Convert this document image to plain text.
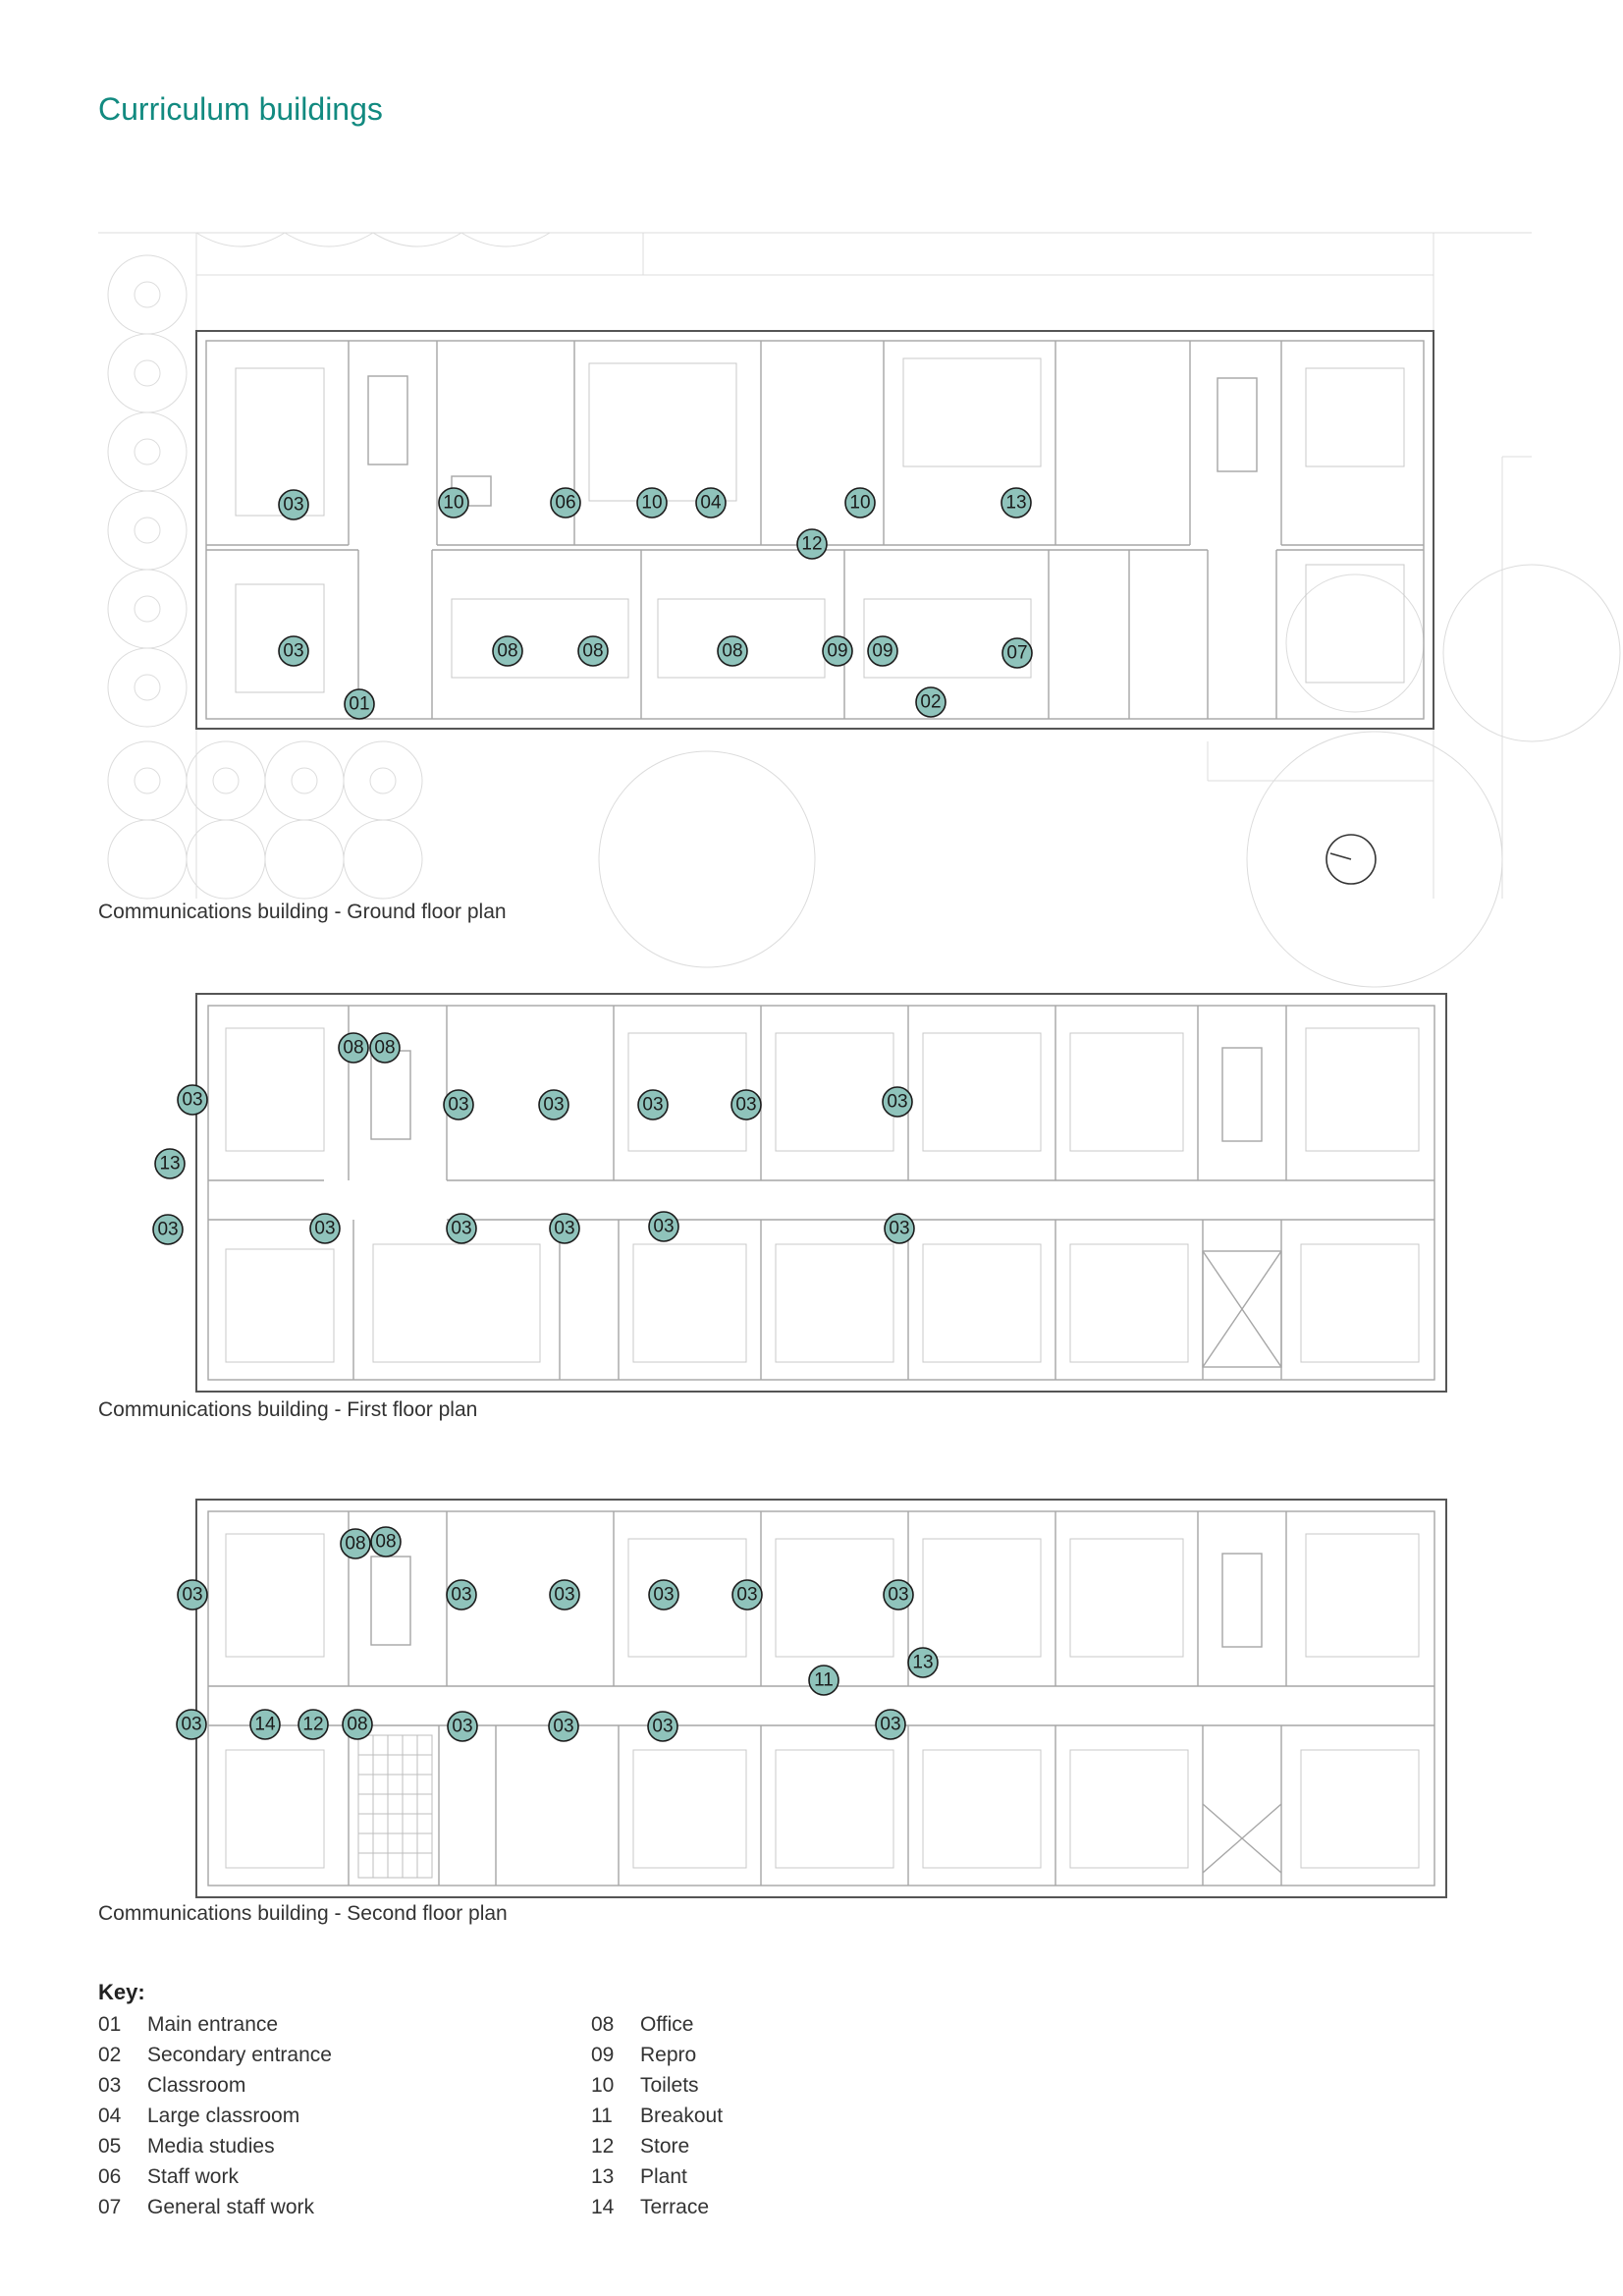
Curriculum buildings
03	10	06	10 04	10	13
12
03	08	08	08	09 09	07
01	02
Communications building - Ground floor plan
08 08
03	03	03	03	03	03
13
03	03	03	03	03	03
Communications building - First floor plan
08 08
03	03	03	03	03	03
13
11
03	14 12 08	03	03	03	03
Communications building - Second floor plan
Key:
01 Main entrance
02 Secondary entrance
03 Classroom
04 Large classroom
05 Media studies
06 Staff work
07 General staff work
08 Office
09 Repro
10 Toilets
11 Breakout
12 Store
13 Plant
14 Terrace
